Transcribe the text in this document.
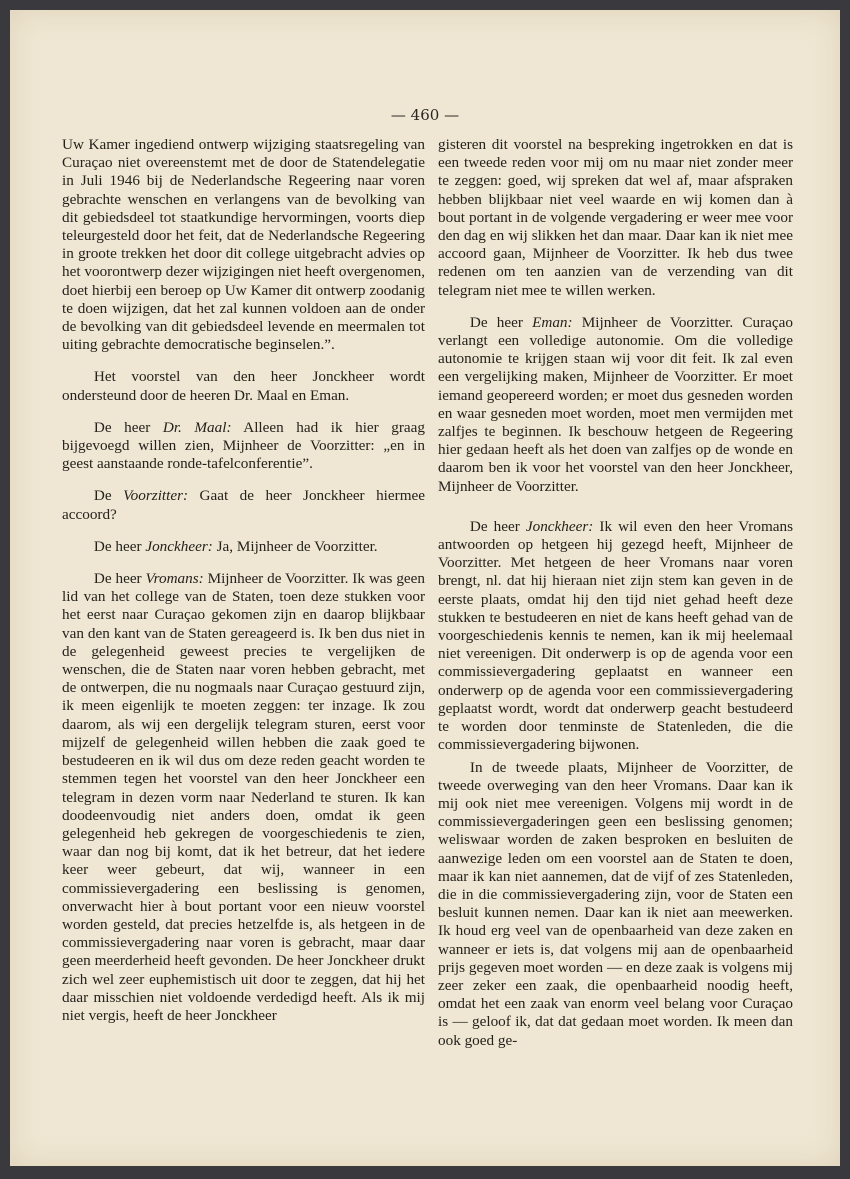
— 460 —

Uw Kamer ingediend ontwerp wijziging staatsregeling van Curaçao niet overeenstemt met de door de Statendelegatie in Juli 1946 bij de Nederlandsche Regeering naar voren gebrachte wenschen en verlangens van de bevolking van dit gebiedsdeel tot staatkundige hervormingen, voorts diep teleurgesteld door het feit, dat de Nederlandsche Regeering in groote trekken het door dit college uitgebracht advies op het voorontwerp dezer wijzigingen niet heeft overgenomen, doet hierbij een beroep op Uw Kamer dit ontwerp zoodanig te doen wijzigen, dat het zal kunnen voldoen aan de onder de bevolking van dit gebiedsdeel levende en meermalen tot uiting gebrachte democratische beginselen.”.

Het voorstel van den heer Jonckheer wordt ondersteund door de heeren Dr. Maal en Eman.

De heer Dr. Maal: Alleen had ik hier graag bijgevoegd willen zien, Mijnheer de Voorzitter: „en in geest aanstaande ronde-tafelconferentie”.

De Voorzitter: Gaat de heer Jonckheer hiermee accoord?

De heer Jonckheer: Ja, Mijnheer de Voorzitter.

De heer Vromans: Mijnheer de Voorzitter. Ik was geen lid van het college van de Staten, toen deze stukken voor het eerst naar Curaçao gekomen zijn en daarop blijkbaar van den kant van de Staten gereageerd is. Ik ben dus niet in de gelegenheid geweest precies te vergelijken de wenschen, die de Staten naar voren hebben gebracht, met de ontwerpen, die nu nogmaals naar Curaçao gestuurd zijn, ik meen eigenlijk te moeten zeggen: ter inzage. Ik zou daarom, als wij een dergelijk telegram sturen, eerst voor mijzelf de gelegenheid willen hebben die zaak goed te bestudeeren en ik wil dus om deze reden geacht worden te stemmen tegen het voorstel van den heer Jonckheer een telegram in dezen vorm naar Nederland te sturen. Ik kan doodeenvoudig niet anders doen, omdat ik geen gelegenheid heb gekregen de voorgeschiedenis te zien, waar dan nog bij komt, dat ik het betreur, dat het iedere keer weer gebeurt, dat wij, wanneer in een commissievergadering een beslissing is genomen, onverwacht hier à bout portant voor een nieuw voorstel worden gesteld, dat precies hetzelfde is, als hetgeen in de commissievergadering naar voren is gebracht, maar daar geen meerderheid heeft gevonden. De heer Jonckheer drukt zich wel zeer euphemistisch uit door te zeggen, dat hij het daar misschien niet voldoende verdedigd heeft. Als ik mij niet vergis, heeft de heer Jonckheer

gisteren dit voorstel na bespreking ingetrokken en dat is een tweede reden voor mij om nu maar niet zonder meer te zeggen: goed, wij spreken dat wel af, maar afspraken hebben blijkbaar niet veel waarde en wij komen dan à bout portant in de volgende vergadering er weer mee voor den dag en wij slikken het dan maar. Daar kan ik niet mee accoord gaan, Mijnheer de Voorzitter. Ik heb dus twee redenen om ten aanzien van de verzending van dit telegram niet mee te willen werken.

De heer Eman: Mijnheer de Voorzitter. Curaçao verlangt een volledige autonomie. Om die volledige autonomie te krijgen staan wij voor dit feit. Ik zal even een vergelijking maken, Mijnheer de Voorzitter. Er moet iemand geopereerd worden; er moet dus gesneden worden en waar gesneden moet worden, moet men vermijden met zalfjes te beginnen. Ik beschouw hetgeen de Regeering hier gedaan heeft als het doen van zalfjes op de wonde en daarom ben ik voor het voorstel van den heer Jonckheer, Mijnheer de Voorzitter.

De heer Jonckheer: Ik wil even den heer Vromans antwoorden op hetgeen hij gezegd heeft, Mijnheer de Voorzitter. Met hetgeen de heer Vromans naar voren brengt, nl. dat hij hieraan niet zijn stem kan geven in de eerste plaats, omdat hij den tijd niet gehad heeft deze stukken te bestudeeren en niet de kans heeft gehad van de voorgeschiedenis kennis te nemen, kan ik mij heelemaal niet vereenigen. Dit onderwerp is op de agenda voor een commissievergadering geplaatst en wanneer een onderwerp op de agenda voor een commissievergadering geplaatst wordt, wordt dat onderwerp geacht bestudeerd te worden door tenminste de Statenleden, die die commissievergadering bijwonen.

In de tweede plaats, Mijnheer de Voorzitter, de tweede overweging van den heer Vromans. Daar kan ik mij ook niet mee vereenigen. Volgens mij wordt in de commissievergaderingen geen een beslissing genomen; weliswaar worden de zaken besproken en besluiten de aanwezige leden om een voorstel aan de Staten te doen, maar ik kan niet aannemen, dat de vijf of zes Statenleden, die in die commissievergadering zijn, voor de Staten een besluit kunnen nemen. Daar kan ik niet aan meewerken. Ik houd erg veel van de openbaarheid van deze zaken en wanneer er iets is, dat volgens mij aan de openbaarheid prijs gegeven moet worden — en deze zaak is volgens mij zeer zeker een zaak, die openbaarheid noodig heeft, omdat het een zaak van enorm veel belang voor Curaçao is — geloof ik, dat dat gedaan moet worden. Ik meen dan ook goed ge-
